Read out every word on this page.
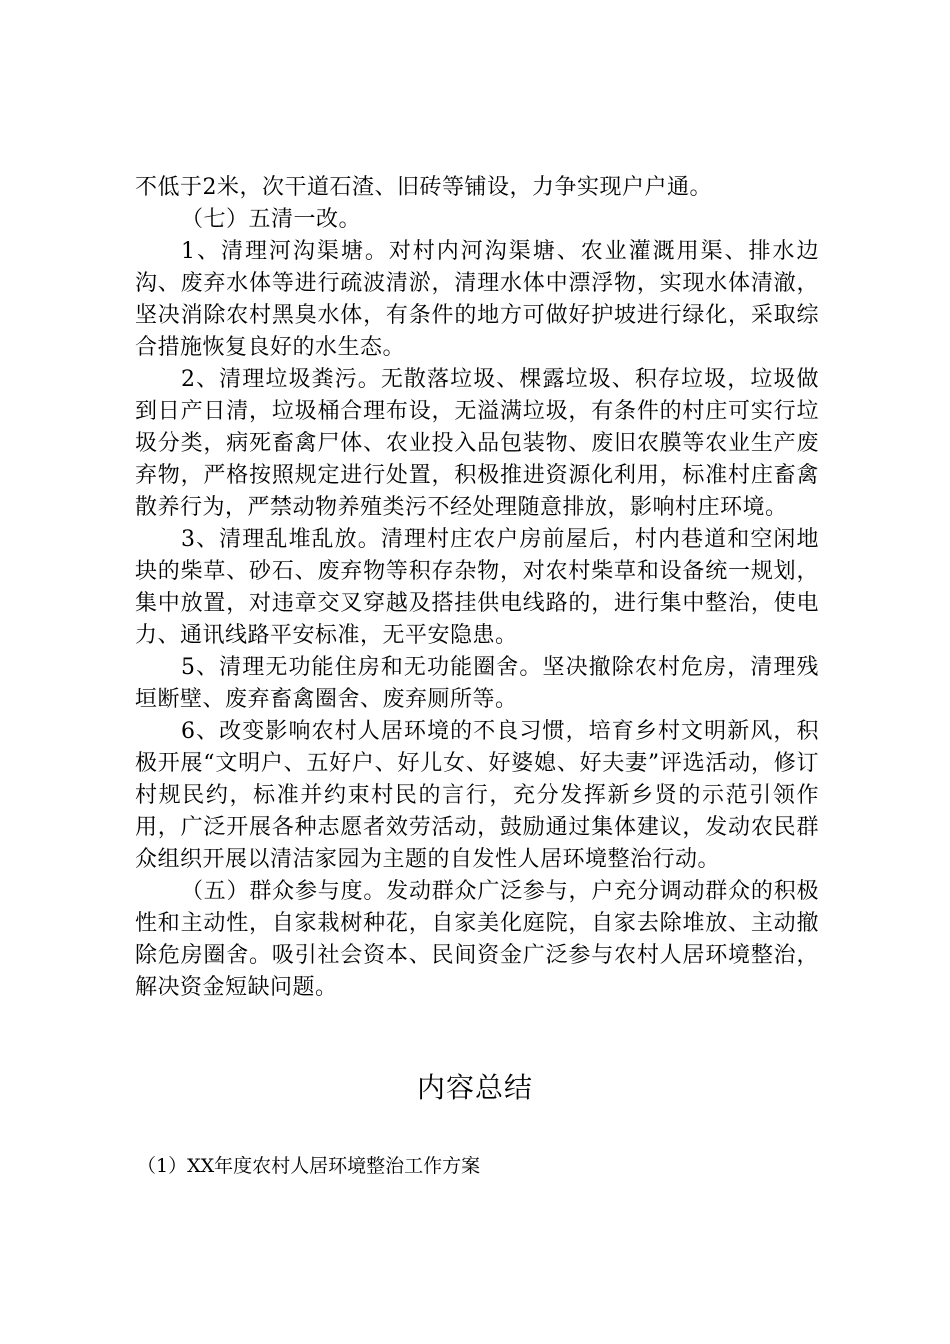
不低于2米，次干道石渣、旧砖等铺设，力争实现户户通。

（七）五清一改。

1、清理河沟渠塘。对村内河沟渠塘、农业灌溉用渠、排水边沟、废弃水体等进行疏波清淤，清理水体中漂浮物，实现水体清澈，坚决消除农村黑臭水体，有条件的地方可做好护坡进行绿化，采取综合措施恢复良好的水生态。

2、清理垃圾粪污。无散落垃圾、棵露垃圾、积存垃圾，垃圾做到日产日清，垃圾桶合理布设，无溢满垃圾，有条件的村庄可实行垃圾分类，病死畜禽尸体、农业投入品包装物、废旧农膜等农业生产废弃物，严格按照规定进行处置，积极推进资源化利用，标准村庄畜禽散养行为，严禁动物养殖类污不经处理随意排放，影响村庄环境。

3、清理乱堆乱放。清理村庄农户房前屋后，村内巷道和空闲地块的柴草、砂石、废弃物等积存杂物，对农村柴草和设备统一规划，集中放置，对违章交叉穿越及搭挂供电线路的，进行集中整治，使电力、通讯线路平安标准，无平安隐患。

5、清理无功能住房和无功能圈舍。坚决撤除农村危房，清理残垣断壁、废弃畜禽圈舍、废弃厕所等。

6、改变影响农村人居环境的不良习惯，培育乡村文明新风，积极开展“文明户、五好户、好儿女、好婆媳、好夫妻”评选活动，修订村规民约，标准并约束村民的言行，充分发挥新乡贤的示范引领作用，广泛开展各种志愿者效劳活动，鼓励通过集体建议，发动农民群众组织开展以清洁家园为主题的自发性人居环境整治行动。

（五）群众参与度。发动群众广泛参与，户充分调动群众的积极性和主动性，自家栽树种花，自家美化庭院，自家去除堆放、主动撤除危房圈舍。吸引社会资本、民间资金广泛参与农村人居环境整治，解决资金短缺问题。

内容总结
（1）XX年度农村人居环境整治工作方案
